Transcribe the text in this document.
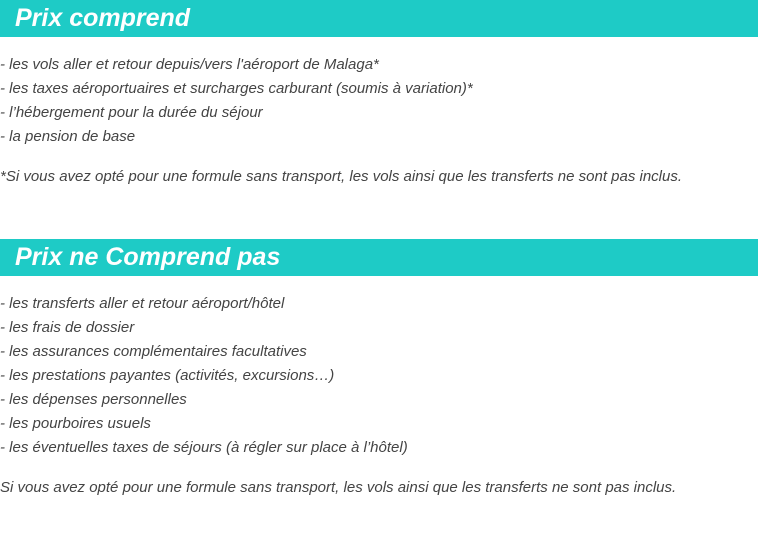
Prix comprend
- les vols aller et retour depuis/vers l'aéroport de Malaga*
- les taxes aéroportuaires et surcharges carburant (soumis à variation)*
- l’hébergement pour la durée du séjour
- la pension de base

*Si vous avez opté pour une formule sans transport, les vols ainsi que les transferts ne sont pas inclus.

Prix ne Comprend pas
- les transferts aller et retour aéroport/hôtel
- les frais de dossier
- les assurances complémentaires facultatives
- les prestations payantes (activités, excursions…)
- les dépenses personnelles
- les pourboires usuels
- les éventuelles taxes de séjours (à régler sur place à l’hôtel)

Si vous avez opté pour une formule sans transport, les vols ainsi que les transferts ne sont pas inclus.
